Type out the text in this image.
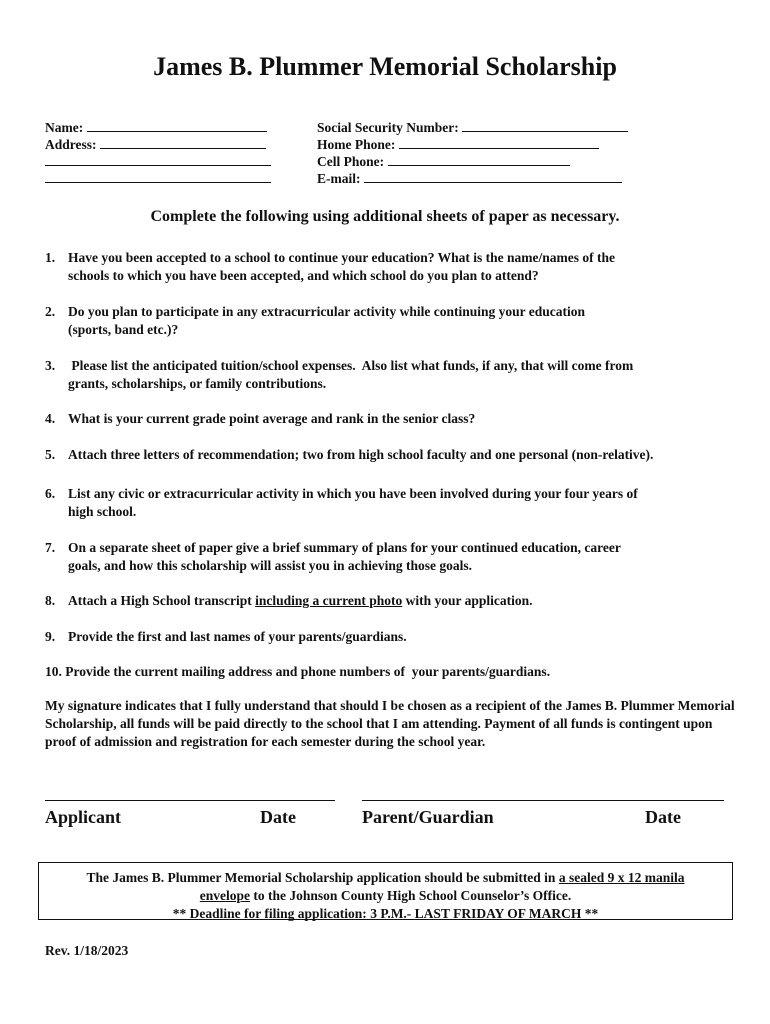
James B. Plummer Memorial Scholarship
Name:
Address:
Social Security Number:
Home Phone:
Cell Phone:
E-mail:
Complete the following using additional sheets of paper as necessary.
1. Have you been accepted to a school to continue your education? What is the name/names of the
schools to which you have been accepted, and which school do you plan to attend?
2. Do you plan to participate in any extracurricular activity while continuing your education
(sports, band etc.)?
3. Please list the anticipated tuition/school expenses.  Also list what funds, if any, that will come from
grants, scholarships, or family contributions.
4. What is your current grade point average and rank in the senior class?
5. Attach three letters of recommendation; two from high school faculty and one personal (non-relative).
6. List any civic or extracurricular activity in which you have been involved during your four years of
high school.
7. On a separate sheet of paper give a brief summary of plans for your continued education, career
goals, and how this scholarship will assist you in achieving those goals.
8. Attach a High School transcript including a current photo with your application.
9. Provide the first and last names of your parents/guardians.
10. Provide the current mailing address and phone numbers of  your parents/guardians.
My signature indicates that I fully understand that should I be chosen as a recipient of the James B. Plummer Memorial Scholarship, all funds will be paid directly to the school that I am attending. Payment of all funds is contingent upon proof of admission and registration for each semester during the school year.
Applicant	Date	Parent/Guardian	Date
The James B. Plummer Memorial Scholarship application should be submitted in a sealed 9 x 12 manila
envelope to the Johnson County High School Counselor’s Office.
** Deadline for filing application: 3 P.M.- LAST FRIDAY OF MARCH **
Rev. 1/18/2023
